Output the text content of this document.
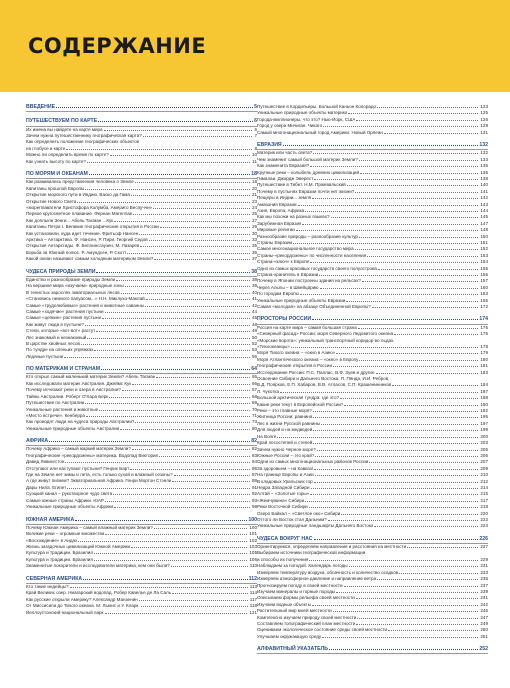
СОДЕРЖАНИЕ
ВВЕДЕНИЕ	5
ПУТЕШЕСТВУЕМ ПО КАРТЕ	6
Их имена вы найдете на карте мира	6
Зачем нужна путешественнику географическая карта?	7
Как определить положение географических объектов
на глобусе и карте	8
Можно ли определить время по карте?	10
Как узнать высоту по карте?	11
ПО МОРЯМ И ОКЕАНАМ	18
Как развивались представления человека о Земле	18
Капитаны прошлой Европы	20
Открытие морского пути в Индию. Васко да Гама	21
Открытие Нового Света	23
«мореплаватели Христофора Колумба, Америго Веспуччи»	24
Первое кругосветное плавание. Фернан Магеллан	25
Как доплыли Зенги... Абель Тасман ...Кук	27
Капитаны Петра I. Великие географические открытия в России	29
Как установили, куда идет течение. Фритьоф Нансен	30
Арктика – Антарктика. Ф. Нансен, Р. Пири, Георгий Седов	33
Открытие Антарктиды. Ф. Беллинсгаузен, М. Лазарев	35
Борьба за Южный полюс. Р. Амундсен, Р. Скотт	36
Какой океан называют самым холодным материком Земли?	37
ЧУДЕСА ПРИРОДЫ ЗЕМЛИ	38
Единство и разнообразие природы Земли	38
На вершине мира «изучаем» природные зоны	39
В тенистых зарослях экваториальных лесов	40
«Становись немного папуасом...» Н.Н. Миклухо-Маклай	41
Самые «трудолюбивые» растения и животные саванны	42
Самые «ходячие» растения пустыни	44
Самые «цепкие» растения пустыни	45
Как живут люди в пустыне?	48
Степи, которые «вот-вот» растут	49
Лес знакомый и незнакомый	50
В царстве хвойных лесов	52
По тундре на оленьих упряжках	53
Ледяные пустыни	56
ПО МАТЕРИКАМ И СТРАНАМ	64
Кто открыл самый маленький материк Земли? Абель Тасман	65
Как исследовали материк Австралия. Джеймс Кук	66
Почему исчезают реки и озера в Австралии?	67
Тайны Австралии. Роберт О'Хара Берк	68
Путешествие по Австралии	69
Уникальные растения и животные	70
«Место встречи». Кенберра	71
Как проводят люди на чудеса природы Австралии?	73
Уникальные природные объекты Австралии	80
АФРИКА	82
Почему Африка – самый жаркий материк Земли?	82
Географические «рекордсмены» материка. Водопад Виктория	83
Давид Ливингстон	84
Отступают или наступают пустыни? Генрих Барт	86
Где на Земле нет зимы и лета, есть только сухой и влажный сезоны?	87
А где живут пигмеи? Экваториальная Африка. Генри Мортон Стэнли	88
Дары Нила. Египет	91
Суэцкий канал – рукотворное чудо света	92
Самые южные страны Африки. ЮАР	93
Уникальные природные объекты Африки	99
ЮЖНАЯ АМЕРИКА	100
Почему Южная Америка – самый влажный материк Земли?	100
Великие реки – огромные множества	101
«Восхождение» в Андах	102
Жизнь загадочных цивилизаций Южной Америки	103
Культура и традиции. Бразилия	105
Культура и традиции. Бразилия	106
Знаменитые покорители и исследователи материка, кем они были?	110
СЕВЕРНАЯ АМЕРИКА	112
Кто такие индейцы?	113
Край Великих озер. Ниагарский водопад. Робер Кавелье де Ла Саль	114
Как русские открыли Америку? Александр Манзенин	117
От Миссисипи до Тихого океана. М. Льюис и У. Кларк.	118
Йеллоустонский национальный парк	121
Путешествие в Кордильеры. Большой Каньон Колорадо	123
Уникальные природные объекты материка	125
Города-миллионеры, что это? Нью-Йорк, США	126
Город у озера Мичиган. Чикаго	129
Самый многонациональный город Америки. Новый Орлеан	131
ЕВРАЗИЯ	132
Материк или часть света?	132
Чем знаменит самый большой материк Земли?	133
Как знаменита Евразия?	135
Крупные реки – колыбель древних цивилизаций	136
Гималаи. Джордж Эверест	138
Путешествие в Тибет. Н.М. Пржевальский	140
Почему в пустынях Евразии почти нет жизни?	141
Пещеры в Индии... земля	142
Амазония Евразии	143
Азия, Европа, Африка	144
Как мы похожи на разных языках?	145
Зарубежная Евразия	147
Мировые религии	148
Разнообразие природы – разнообразие культур	150
Страны Евразии	151
Самое многонациональное государство мира	152
Страны-«рекордсмены» по численности населения	153
Страна-«ключ» к Европе	154
Одно из самых красивых государств своего полуострова	155
Страна-хранитель в Евразии	156
Почему в Японии построены здания на рельсах?	157
Через Альпы – в Швейцарию	160
По городам Европы	163
Уникальные природные объекты Евразии	165
Самая «молодая» на абзаце Объединенной Европы?	172
ПРОСТОРЫ РОССИИ	174
Россия на карте мира – самая большая страна	175
«Северный фасад» России: моря Северного Ледовитого океана	176
«Морские ворота»: уникальный транспортный коридор во льдах.
«Тихоокеанцы»	178
Моря Тихого океана – «окно в Азию»	179
Моря Атлантического океана – «окно» в Европу	180
Географические открытия в России	181
Исследование России: П.С. Паллас, В.Ф. Зуев и другие	183
Освоение Сибири и Дальнего Востока. П. Пянда, И.И. Ребров,
В.Д. Поярков, Е.П. Хабаров, В.В. Атласов, С.П. Крашенинников	184
Л. Чукотка	187
Большой арктическая тундра: где это?	188
Какие реки текут в Европейской России?	190
Реки – это главные моря?	192
Житница России: равнина	195
Лес в жизни Русской равнины	197
Для людей и на медведей	199
На Волге	200
Край лесостепей и степей	203
Зачем нужно Черное море?	205
Южные России – это край?	206
Одни из самых многонациональных районов России	207
За здоровьем – на Кавказ!	209
На границе Европы и Азии	210
В кладовых Уральских гор	212
Недра Западной Сибири	214
Алтай – «Золотые горы»	215
«Жемчужина» Сибири	217
Реки Восточной Сибири	218
Озеро Байкал – «Светлое око» Сибири	220
Оттого ли Восток стал Дальним?	222
Уникальные природные ландшафты Дальнего Востока	224
ЧУДЕСА ВОКРУГ НАС	226
Ориентируемся, определяем направления и расстояния на местности	227
Выбираем источники географической информации
и способы их получения	229
Наблюдаем за погодой. Календарь погоды	231
Измеряем температуру воздуха, облачность и количество осадков	233
Измеряем атмосферное давление и направление ветра	235
Прогнозируем погоду в своей местности	237
Изучаем минералы и горные породы	239
Описываем формы рельефа своей местности	241
Изучаем водные объекты	242
Растительный мир моей местности	245
Комплексно изучаем природу своей местности	247
Составляем топографический план местности	249
Оцениваем экологическое состояние среды своей местности	250
Улучшаем окружающую среду	251
АЛФАВИТНЫЙ УКАЗАТЕЛЬ	252
